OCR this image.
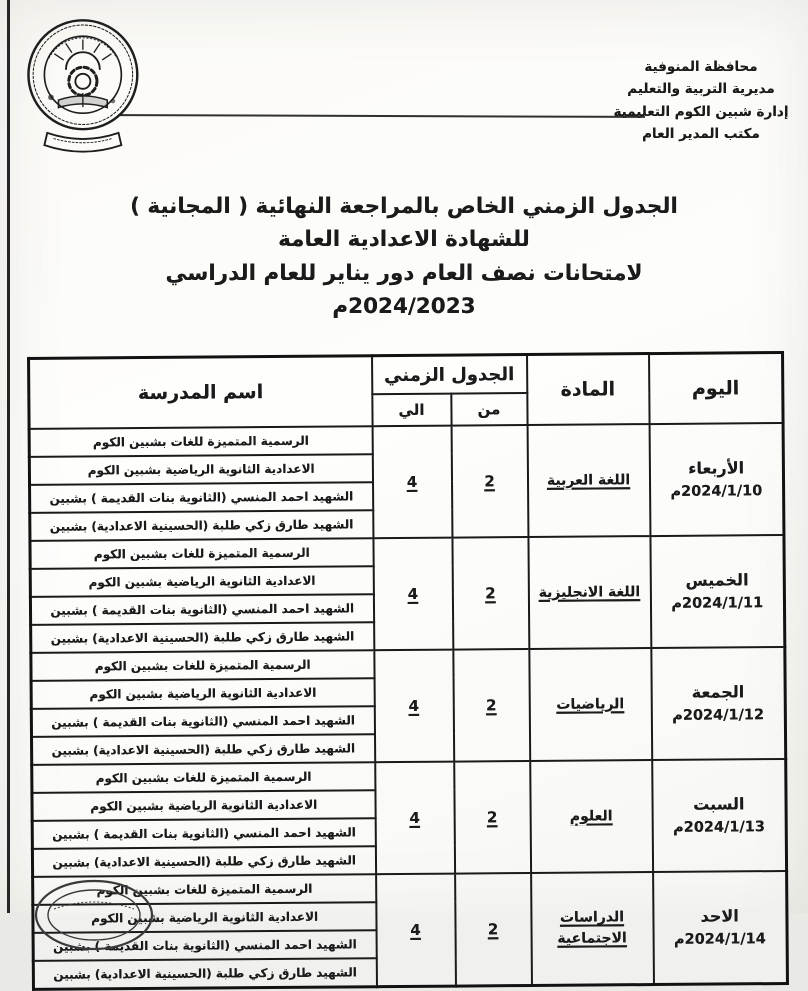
محافظة المنوفية
مديرية التربية والتعليم
إدارة شبين الكوم التعليمية
مكتب المدير العام
الجدول الزمني الخاص بالمراجعة النهائية ( المجانية )
للشهادة الاعدادية العامة
لامتحانات نصف العام دور يناير للعام الدراسي
2024/2023م
اليوم	المادة	الجدول الزمني		اسم المدرسة
		من	الي	

الأربعاء
2024/1/10م	اللغة العربية	2	4	الرسمية المتميزة للغات بشبين الكوم
				الاعدادية الثانوية الرياضية بشبين الكوم
				الشهيد احمد المنسي (الثانوية بنات القديمة ) بشبين
				الشهيد طارق زكي طلبة (الحسينية الاعدادية) بشبين

الخميس
2024/1/11م	اللغة الانجليزية	2	4	الرسمية المتميزة للغات بشبين الكوم
				الاعدادية الثانوية الرياضية بشبين الكوم
				الشهيد احمد المنسي (الثانوية بنات القديمة ) بشبين
				الشهيد طارق زكي طلبة (الحسينية الاعدادية) بشبين

الجمعة
2024/1/12م	الرياضيات	2	4	الرسمية المتميزة للغات بشبين الكوم
				الاعدادية الثانوية الرياضية بشبين الكوم
				الشهيد احمد المنسي (الثانوية بنات القديمة ) بشبين
				الشهيد طارق زكي طلبة (الحسينية الاعدادية) بشبين

السبت
2024/1/13م	العلوم	2	4	الرسمية المتميزة للغات بشبين الكوم
				الاعدادية الثانوية الرياضية بشبين الكوم
				الشهيد احمد المنسي (الثانوية بنات القديمة ) بشبين
				الشهيد طارق زكي طلبة (الحسينية الاعدادية) بشبين

الاحد
2024/1/14م	الدراسات الاجتماعية	2	4	الرسمية المتميزة للغات بشبين الكوم
				الاعدادية الثانوية الرياضية بشبين الكوم
				الشهيد احمد المنسي (الثانوية بنات القديمة ) بشبين
				الشهيد طارق زكي طلبة (الحسينية الاعدادية) بشبين
